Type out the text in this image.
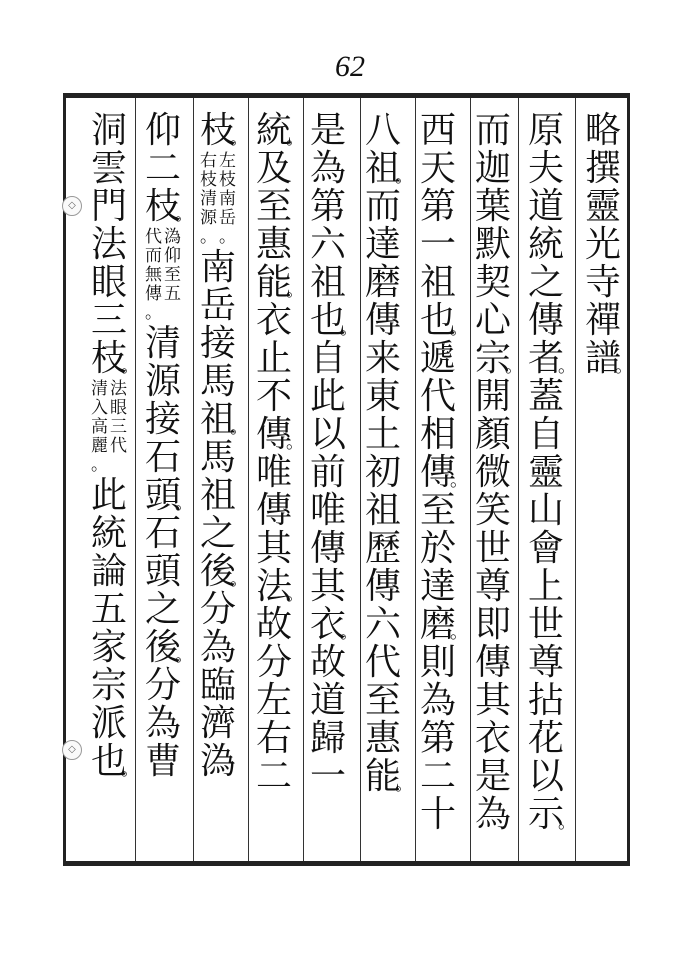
62
◇
◇
略
撰
靈
光
寺
禪
譜 。
原
夫
道
統
之
傳
者 。
蓋
自
靈
山
會
上
世
尊
拈
花
以
示 。
而
迦
葉
默
契
心
宗 。
開
顏
微
笑
世
尊
即
傳
其
衣
是
為
西
天
第
一
祖
也 。
遞
代
相
傳 。
至
於
達
磨 。
則
為
第
二
十
八
祖 。
而
達
磨
傳
来
東
土
初
祖
歷
傳
六
代
至
惠
能 。
是
為
第
六
祖
也 。
自
此
以
前
唯
傳
其
衣 。
故
道
歸
一
統 。
及
至
惠
能 。
衣
止
不
傳 。
唯
傳
其
法 。
故
分
左
右
二
枝 。
左
枝
南
岳
。
右
枝
清
源
。
南
岳
接
馬
祖 。
馬
祖
之
後 。
分
為
臨
濟
溈
仰
二
枝 。
溈
仰
至
五
代
而
無
傳
。
清
源
接
石
頭 。
石
頭
之
後 。
分
為
曹
洞
雲
門
法
眼
三
枝 。
法
眼
三
代
清
入
高
麗
。
此
統
論
五
家
宗
派
也 。
